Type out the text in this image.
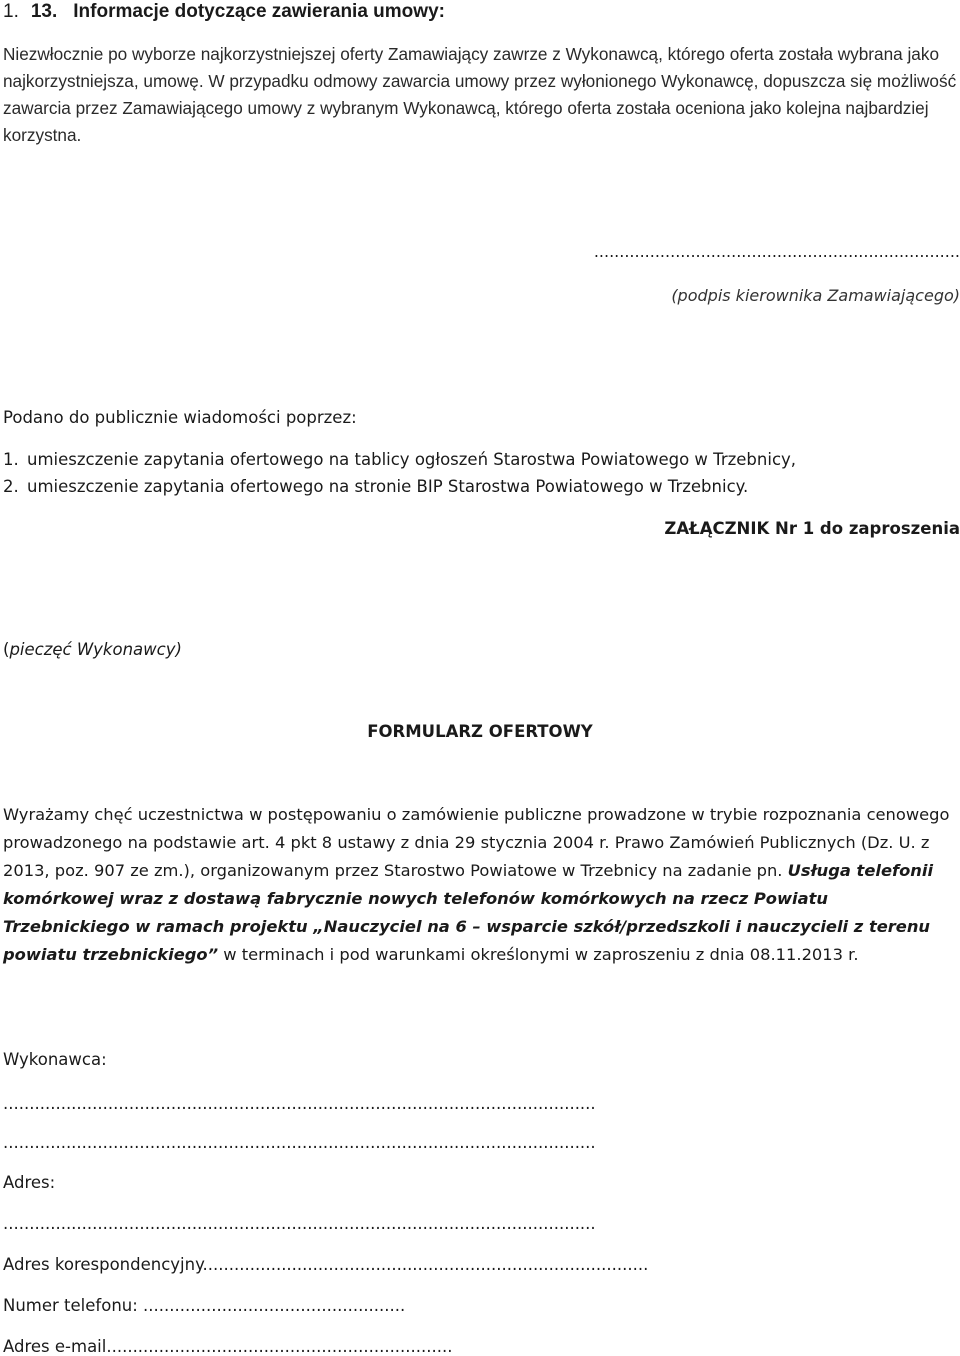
1. 13. Informacje dotyczące zawierania umowy:
Niezwłocznie po wyborze najkorzystniejszej oferty Zamawiający zawrze z Wykonawcą, którego oferta została wybrana jako najkorzystniejsza, umowę. W przypadku odmowy zawarcia umowy przez wyłonionego Wykonawcę, dopuszcza się możliwość zawarcia przez Zamawiającego umowy z wybranym Wykonawcą, którego oferta została oceniona jako kolejna najbardziej korzystna.
........................................................................
(podpis kierownika Zamawiającego)
Podano do publicznie wiadomości poprzez:
1. umieszczenie zapytania ofertowego na tablicy ogłoszeń Starostwa Powiatowego w Trzebnicy,
2. umieszczenie zapytania ofertowego na stronie BIP Starostwa Powiatowego w Trzebnicy.
ZAŁĄCZNIK Nr 1 do zaproszenia
(pieczęć Wykonawcy)
FORMULARZ OFERTOWY
Wyrażamy chęć uczestnictwa w postępowaniu o zamówienie publiczne prowadzone w trybie rozpoznania cenowego prowadzonego na podstawie art. 4 pkt 8 ustawy z dnia 29 stycznia 2004 r. Prawo Zamówień Publicznych (Dz. U. z 2013, poz. 907 ze zm.), organizowanym przez Starostwo Powiatowe w Trzebnicy na zadanie pn. Usługa telefonii komórkowej wraz z dostawą fabrycznie nowych telefonów komórkowych na rzecz Powiatu Trzebnickiego w ramach projektu „Nauczyciel na 6 – wsparcie szkół/przedszkoli i nauczycieli z terenu powiatu trzebnickiego” w terminach i pod warunkami określonymi w zaproszeniu z dnia 08.11.2013 r.
Wykonawca:
.................................................................................................................
.................................................................................................................
Adres:
.................................................................................................................
Adres korespondencyjny.....................................................................................
Numer telefonu: ..................................................
Adres e-mail..................................................................
